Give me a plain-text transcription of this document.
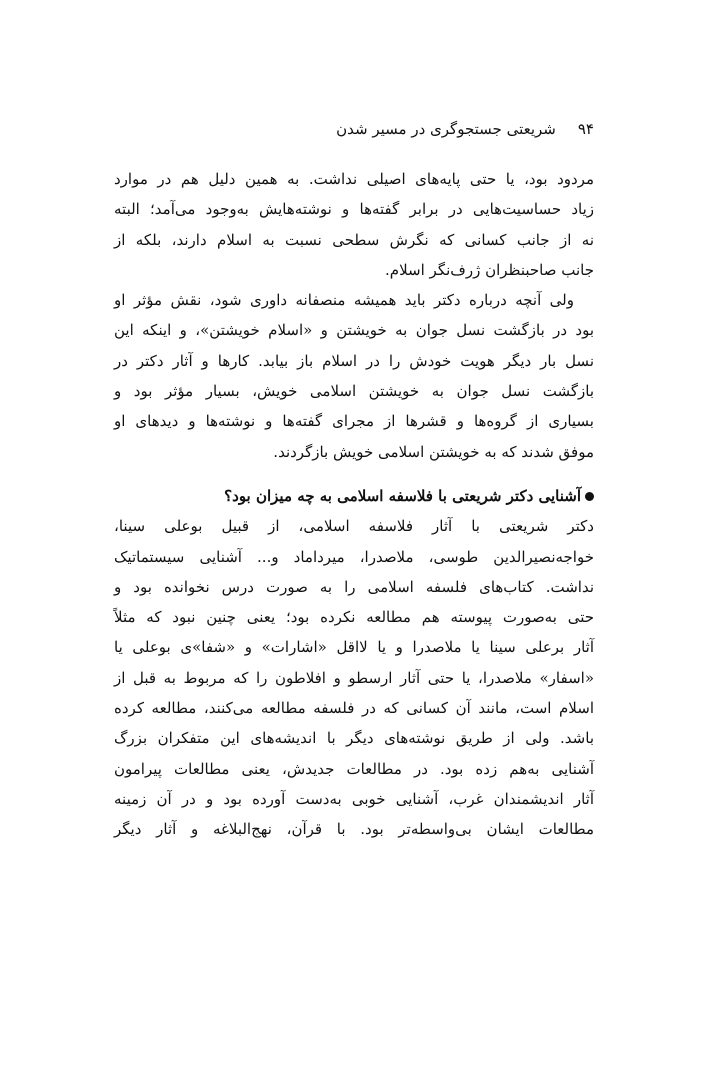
۹۴شریعتی جستجوگری در مسیر شدن
مردود بود، یا حتی پایه‌های اصیلی نداشت. به همین دلیل هم در موارد
زیاد حساسیت‌هایی در برابر گفته‌ها و نوشته‌هایش به‌وجود می‌آمد؛ البته
نه از جانب کسانی که نگرش سطحی نسبت به اسلام دارند، بلکه از
جانب صاحبنظران ژرف‌نگر اسلام.
ولی آنچه درباره دکتر باید همیشه منصفانه داوری شود، نقش مؤثر او
بود در بازگشت نسل جوان به خویشتن و «اسلام خویشتن»، و اینکه این
نسل بار دیگر هویت خودش را در اسلام باز بیابد. کارها و آثار دکتر در
بازگشت نسل جوان به خویشتن اسلامی خویش، بسیار مؤثر بود و
بسیاری از گروه‌ها و قشرها از مجرای گفته‌ها و نوشته‌ها و دیدهای او
موفق شدند که به خویشتن اسلامی خویش بازگردند.
آشنایی دکتر شریعتی با فلاسفه اسلامی به چه میزان بود؟
دکتر شریعتی با آثار فلاسفه اسلامی، از قبیل بوعلی سینا،
خواجه‌نصیرالدین طوسی، ملاصدرا، میرداماد و... آشنایی سیستماتیک
نداشت. کتاب‌های فلسفه اسلامی را به صورت درس نخوانده بود و
حتی به‌صورت پیوسته هم مطالعه نکرده بود؛ یعنی چنین نبود که مثلاً
آثار برعلی سینا یا ملاصدرا و یا لااقل «اشارات» و «شفا»ی بوعلی یا
«اسفار» ملاصدرا، یا حتی آثار ارسطو و افلاطون را که مربوط به قبل از
اسلام است، مانند آن کسانی که در فلسفه مطالعه می‌کنند، مطالعه کرده
باشد. ولی از طریق نوشته‌های دیگر با اندیشه‌های این متفکران بزرگ
آشنایی به‌هم زده بود. در مطالعات جدیدش، یعنی مطالعات پیرامون
آثار اندیشمندان غرب، آشنایی خوبی به‌دست آورده بود و در آن زمینه
مطالعات ایشان بی‌واسطه‌تر بود. با قرآن، نهج‌البلاغه و آثار دیگر
